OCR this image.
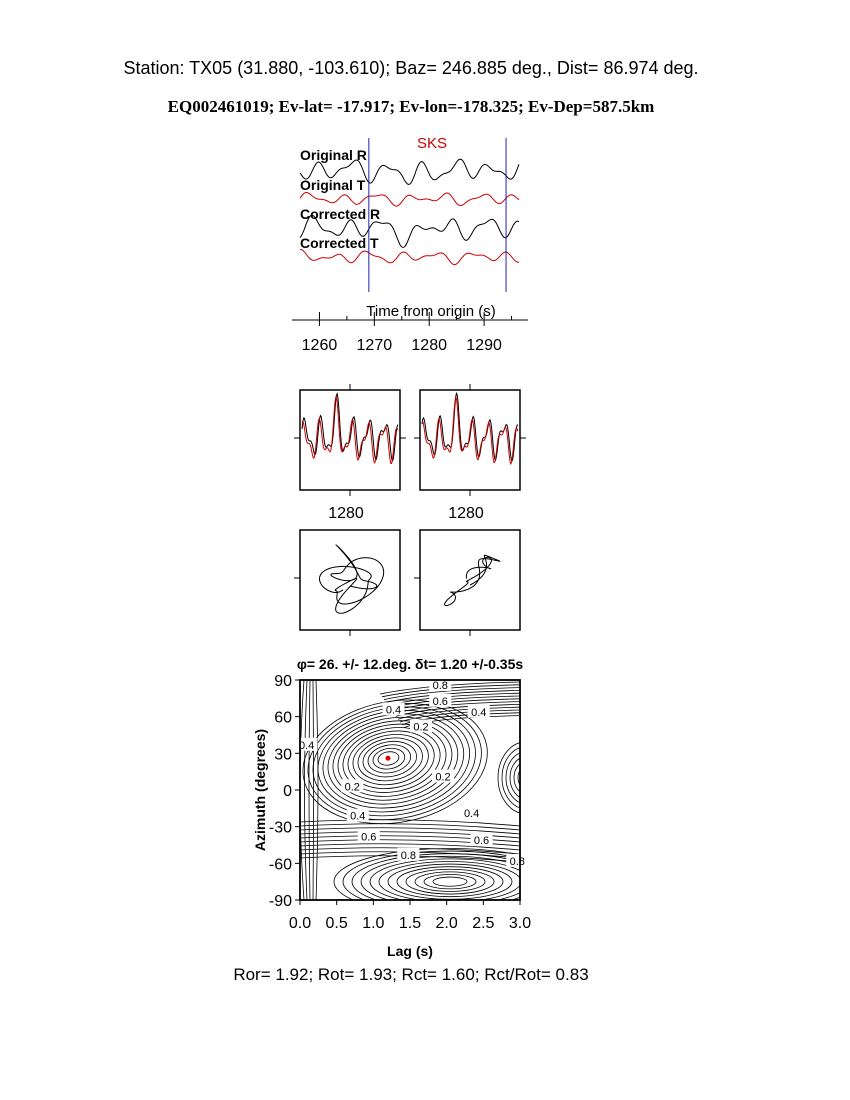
Station: TX05 (31.880, -103.610); Baz= 246.885 deg., Dist= 86.974 deg.
EQ002461019; Ev-lat= -17.917; Ev-lon=-178.325; Ev-Dep=587.5km
Original R
Original T
Corrected R
Corrected T
SKS
Time from origin (s)
1260 1270 1280 1290
1280	1280
φ= 26. +/- 12.deg. δt= 1.20 +/-0.35s
0.8
0.6
0.4	0.4
0.2
0.4
0.2
0.2
0.4
0.4
0.6	0.6
0.8
0.8
90
60
30
0
-30
-60
-90
0.0 0.5 1.0 1.5 2.0 2.5 3.0
Lag (s)
Azimuth (degrees)
Ror= 1.92; Rot= 1.93; Rct= 1.60; Rct/Rot= 0.83
